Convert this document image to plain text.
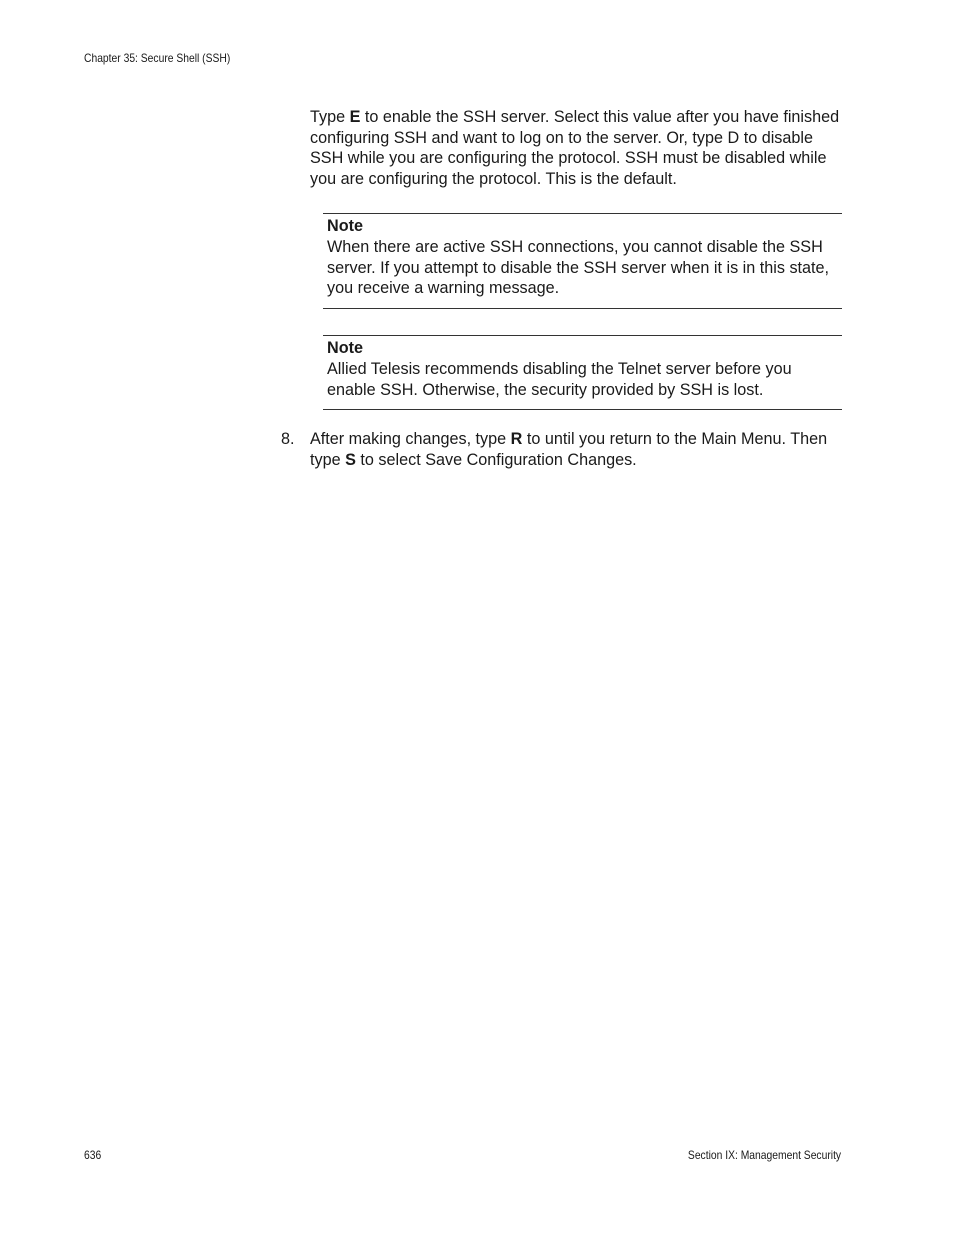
Chapter 35: Secure Shell (SSH)

Type E to enable the SSH server. Select this value after you have finished configuring SSH and want to log on to the server. Or, type D to disable SSH while you are configuring the protocol. SSH must be disabled while you are configuring the protocol. This is the default.

Note
When there are active SSH connections, you cannot disable the SSH server. If you attempt to disable the SSH server when it is in this state, you receive a warning message.
Note
Allied Telesis recommends disabling the Telnet server before you enable SSH. Otherwise, the security provided by SSH is lost.
8. After making changes, type R to until you return to the Main Menu. Then type S to select Save Configuration Changes.
636	Section IX: Management Security
